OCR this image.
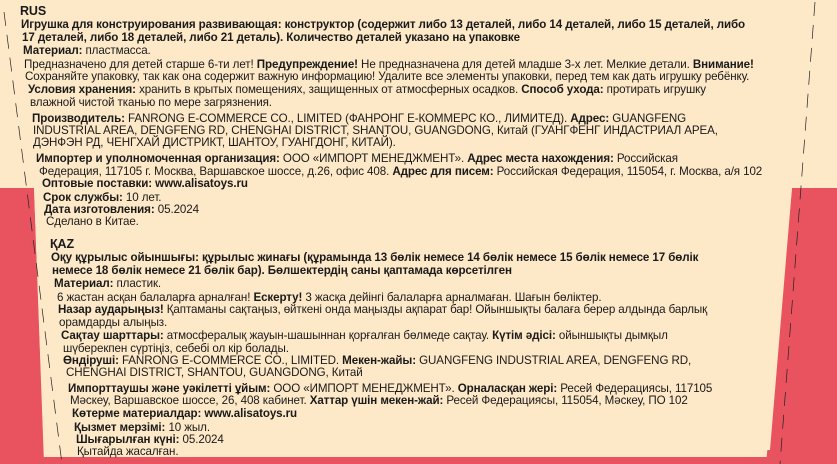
RUS
Игрушка для конструирования развивающая: конструктор (содержит либо 13 деталей, либо 14 деталей, либо 15 деталей, либо
17 деталей, либо 18 деталей, либо 21 деталь). Количество деталей указано на упаковке
Материал: пластмасса.
Предназначено для детей старше 6-ти лет! Предупреждение! Не предназначена для детей младше 3-х лет. Мелкие детали. Внимание!
Сохраняйте упаковку, так как она содержит важную информацию! Удалите все элементы упаковки, перед тем как дать игрушку ребёнку.
Условия хранения: хранить в крытых помещениях, защищенных от атмосферных осадков. Способ ухода: протирать игрушку
влажной чистой тканью по мере загрязнения.
Производитель: FANRONG E-COMMERCE CO., LIMITED (ФАНРОНГ Е-КОММЕРС КО., ЛИМИТЕД). Адрес: GUANGFENG
INDUSTRIAL AREA, DENGFENG RD, CHENGHAI DISTRICT, SHANTOU, GUANGDONG, Китай (ГУАНГФЕНГ ИНДАСТРИАЛ АРЕА,
ДЭНФЭН РД, ЧЕНГХАЙ ДИСТРИКТ, ШАНТОУ, ГУАНГДОНГ, КИТАЙ).
Импортер и уполномоченная организация: ООО «ИМПОРТ МЕНЕДЖМЕНТ». Адрес места нахождения: Российская
Федерация, 117105 г. Москва, Варшавское шоссе, д.26, офис 408. Адрес для писем: Российская Федерация, 115054, г. Москва, а/я 102
Оптовые поставки: www.alisatoys.ru
Срок службы: 10 лет.
Дата изготовления: 05.2024
Сделано в Китае.
ҚAZ
Оқу құрылыс ойыншығы: құрылыс жинағы (құрамында 13 бөлік немесе 14 бөлік немесе 15 бөлік немесе 17 бөлік
немесе 18 бөлік немесе 21 бөлік бар). Бөлшектердің саны қаптамада көрсетілген
Материал: пластик.
6 жастан асқан балаларға арналған! Ескерту! 3 жасқа дейінгі балаларға арналмаған. Шағын бөліктер.
Назар аударыңыз! Қаптаманы сақтаңыз, өйткені онда маңызды ақпарат бар! Ойыншықты балаға берер алдында барлық
орамдарды алыңыз.
Сақтау шарттары: атмосфералық жауын-шашыннан қорғалған бөлмеде сақтау. Күтім әдісі: ойыншықты дымқыл
шүберекпен сүртіңіз, себебі ол кір болады.
Өндіруші: FANRONG E-COMMERCE CO., LIMITED. Мекен-жайы: GUANGFENG INDUSTRIAL AREA, DENGFENG RD,
CHENGHAI DISTRICT, SHANTOU, GUANGDONG, Китай
Импорттаушы және уәкілетті ұйым: ООО «ИМПОРТ МЕНЕДЖМЕНТ». Орналасқан жері: Ресей Федерациясы, 117105
Мәскеу, Варшавское шоссе, 26, 408 кабинет. Хаттар үшін мекен-жай: Ресей Федерациясы, 115054, Мәскеу, ПО 102
Көтерме материалдар: www.alisatoys.ru
Қызмет мерзімі: 10 жыл.
Шығарылған күні: 05.2024
Қытайда жасалған.
